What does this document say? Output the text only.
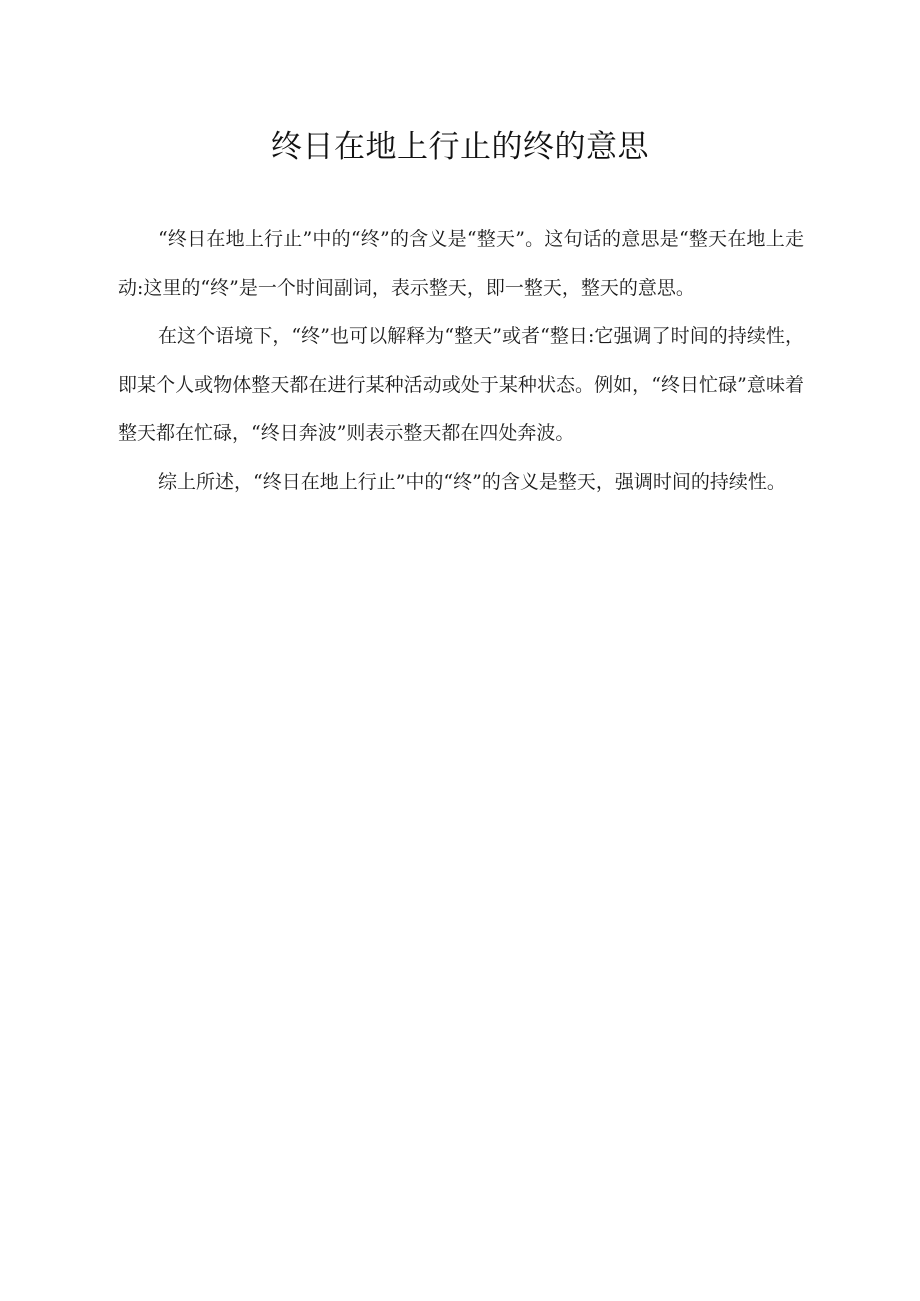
终日在地上行止的终的意思

“终日在地上行止”中的“终”的含义是“整天”。这句话的意思是“整天在地上走动:这里的“终”是一个时间副词，表示整天，即一整天，整天的意思。

在这个语境下，“终”也可以解释为“整天”或者“整日:它强调了时间的持续性，即某个人或物体整天都在进行某种活动或处于某种状态。例如，“终日忙碌”意味着整天都在忙碌，“终日奔波”则表示整天都在四处奔波。

综上所述，“终日在地上行止”中的“终”的含义是整天，强调时间的持续性。
